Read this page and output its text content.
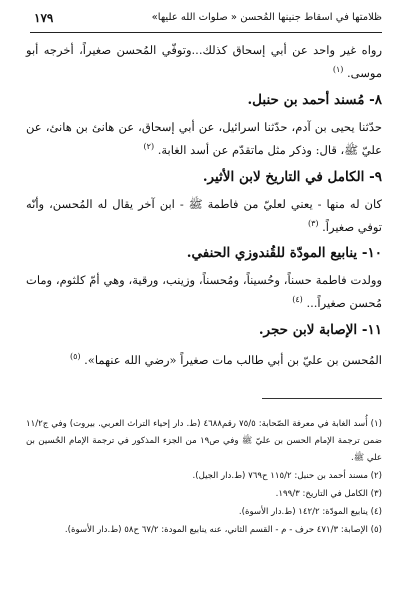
ظلامتها في اسقاط جنينها المُحسن « صلوات الله عليها»
١٧٩

رواه غير واحد عن أبي إسحاق كذلك...وتوفّي المُحسن صغيراً، أخرجه أبو موسى. $^{(١)}$

٨- مُسند أحمد بن حنبل.

حدّثنا يحيى بن آدم، حدّثنا اسرائيل، عن أبي إسحاق، عن هانئ بن هانئ، عن عليّ ﷺ، قال: وذكر مثل ماتقدّم عن أسد الغابة. $^{(٢)}$

٩- الكامل في التاريخ لابن الأثير.

كان له منها - يعني لعليّ من فاطمة ﷺ - ابن آخر يقال له المُحسن، وأنّه توفي صغيراً. $^{(٣)}$

١٠- ينابيع المودّة للقُندوزي الحنفي.

وولدت فاطمة حسناً، وحُسيناً، ومُحسناً، وزينب، ورقية، وهي أمّ كلثوم، ومات مُحسن صغيراً... $^{(٤)}$

١١- الإصابة لابن حجر.

المُحسن بن عليّ بن أبي طالب مات صغيراً «رضي الله عنهما». $^{(٥)}$

(١) أُسد الغابة في معرفة الصّحابة: ٧٥/٥ رقم٤٦٨٨ (ط. دار إحياء التراث العربي. بيروت) وفي ج١١/٢ ضمن ترجمة الإمام الحسن بن عليّ ﷺ وفي ص١٩ من الجزء المذكور في ترجمة الإمام الحُسين بن علي ﷺ.

(٢) مسند أحمد بن حنبل: ١١٥/٢ ح٧٦٩ (ط.دار الجيل).

(٣) الكامل في التاريخ: ١٩٩/٣.

(٤) ينابيع المودّة: ١٤٢/٢ (ط.دار الأسوة).

(٥) الإصابة: ٤٧١/٣ حرف - م - القسم الثاني، عنه ينابيع المودة: ٦٧/٢ ح٥٨ (ط.دار الأسوة).
